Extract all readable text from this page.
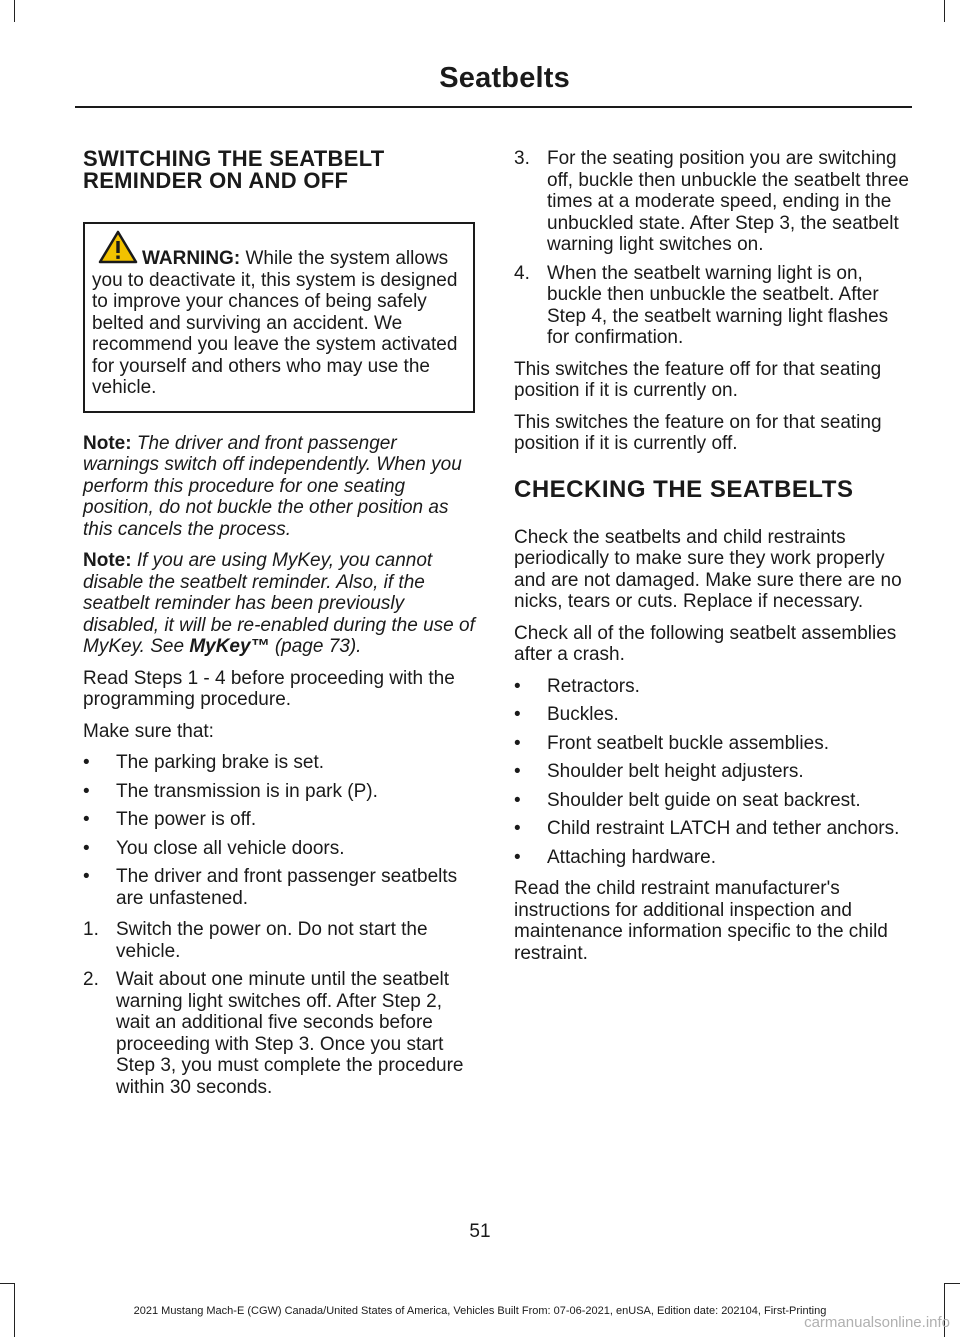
Seatbelts
SWITCHING THE SEATBELT REMINDER ON AND OFF
WARNING: While the system allows you to deactivate it, this system is designed to improve your chances of being safely belted and surviving an accident. We recommend you leave the system activated for yourself and others who may use the vehicle.

Note: The driver and front passenger warnings switch off independently. When you perform this procedure for one seating position, do not buckle the other position as this cancels the process.

Note: If you are using MyKey, you cannot disable the seatbelt reminder. Also, if the seatbelt reminder has been previously disabled, it will be re-enabled during the use of MyKey. See MyKey™ (page 73).

Read Steps 1 - 4 before proceeding with the programming procedure.

Make sure that:

• The parking brake is set.
• The transmission is in park (P).
• The power is off.
• You close all vehicle doors.
• The driver and front passenger seatbelts are unfastened.
1. Switch the power on. Do not start the vehicle.
2. Wait about one minute until the seatbelt warning light switches off. After Step 2, wait an additional five seconds before proceeding with Step 3. Once you start Step 3, you must complete the procedure within 30 seconds.
3. For the seating position you are switching off, buckle then unbuckle the seatbelt three times at a moderate speed, ending in the unbuckled state. After Step 3, the seatbelt warning light switches on.
4. When the seatbelt warning light is on, buckle then unbuckle the seatbelt. After Step 4, the seatbelt warning light flashes for confirmation.

This switches the feature off for that seating position if it is currently on.

This switches the feature on for that seating position if it is currently off.

CHECKING THE SEATBELTS

Check the seatbelts and child restraints periodically to make sure they work properly and are not damaged. Make sure there are no nicks, tears or cuts. Replace if necessary.

Check all of the following seatbelt assemblies after a crash.

• Retractors.
• Buckles.
• Front seatbelt buckle assemblies.
• Shoulder belt height adjusters.
• Shoulder belt guide on seat backrest.
• Child restraint LATCH and tether anchors.
• Attaching hardware.

Read the child restraint manufacturer's instructions for additional inspection and maintenance information specific to the child restraint.

51
2021 Mustang Mach-E (CGW) Canada/United States of America, Vehicles Built From: 07-06-2021, enUSA, Edition date: 202104, First-Printing
carmanualsonline.info
